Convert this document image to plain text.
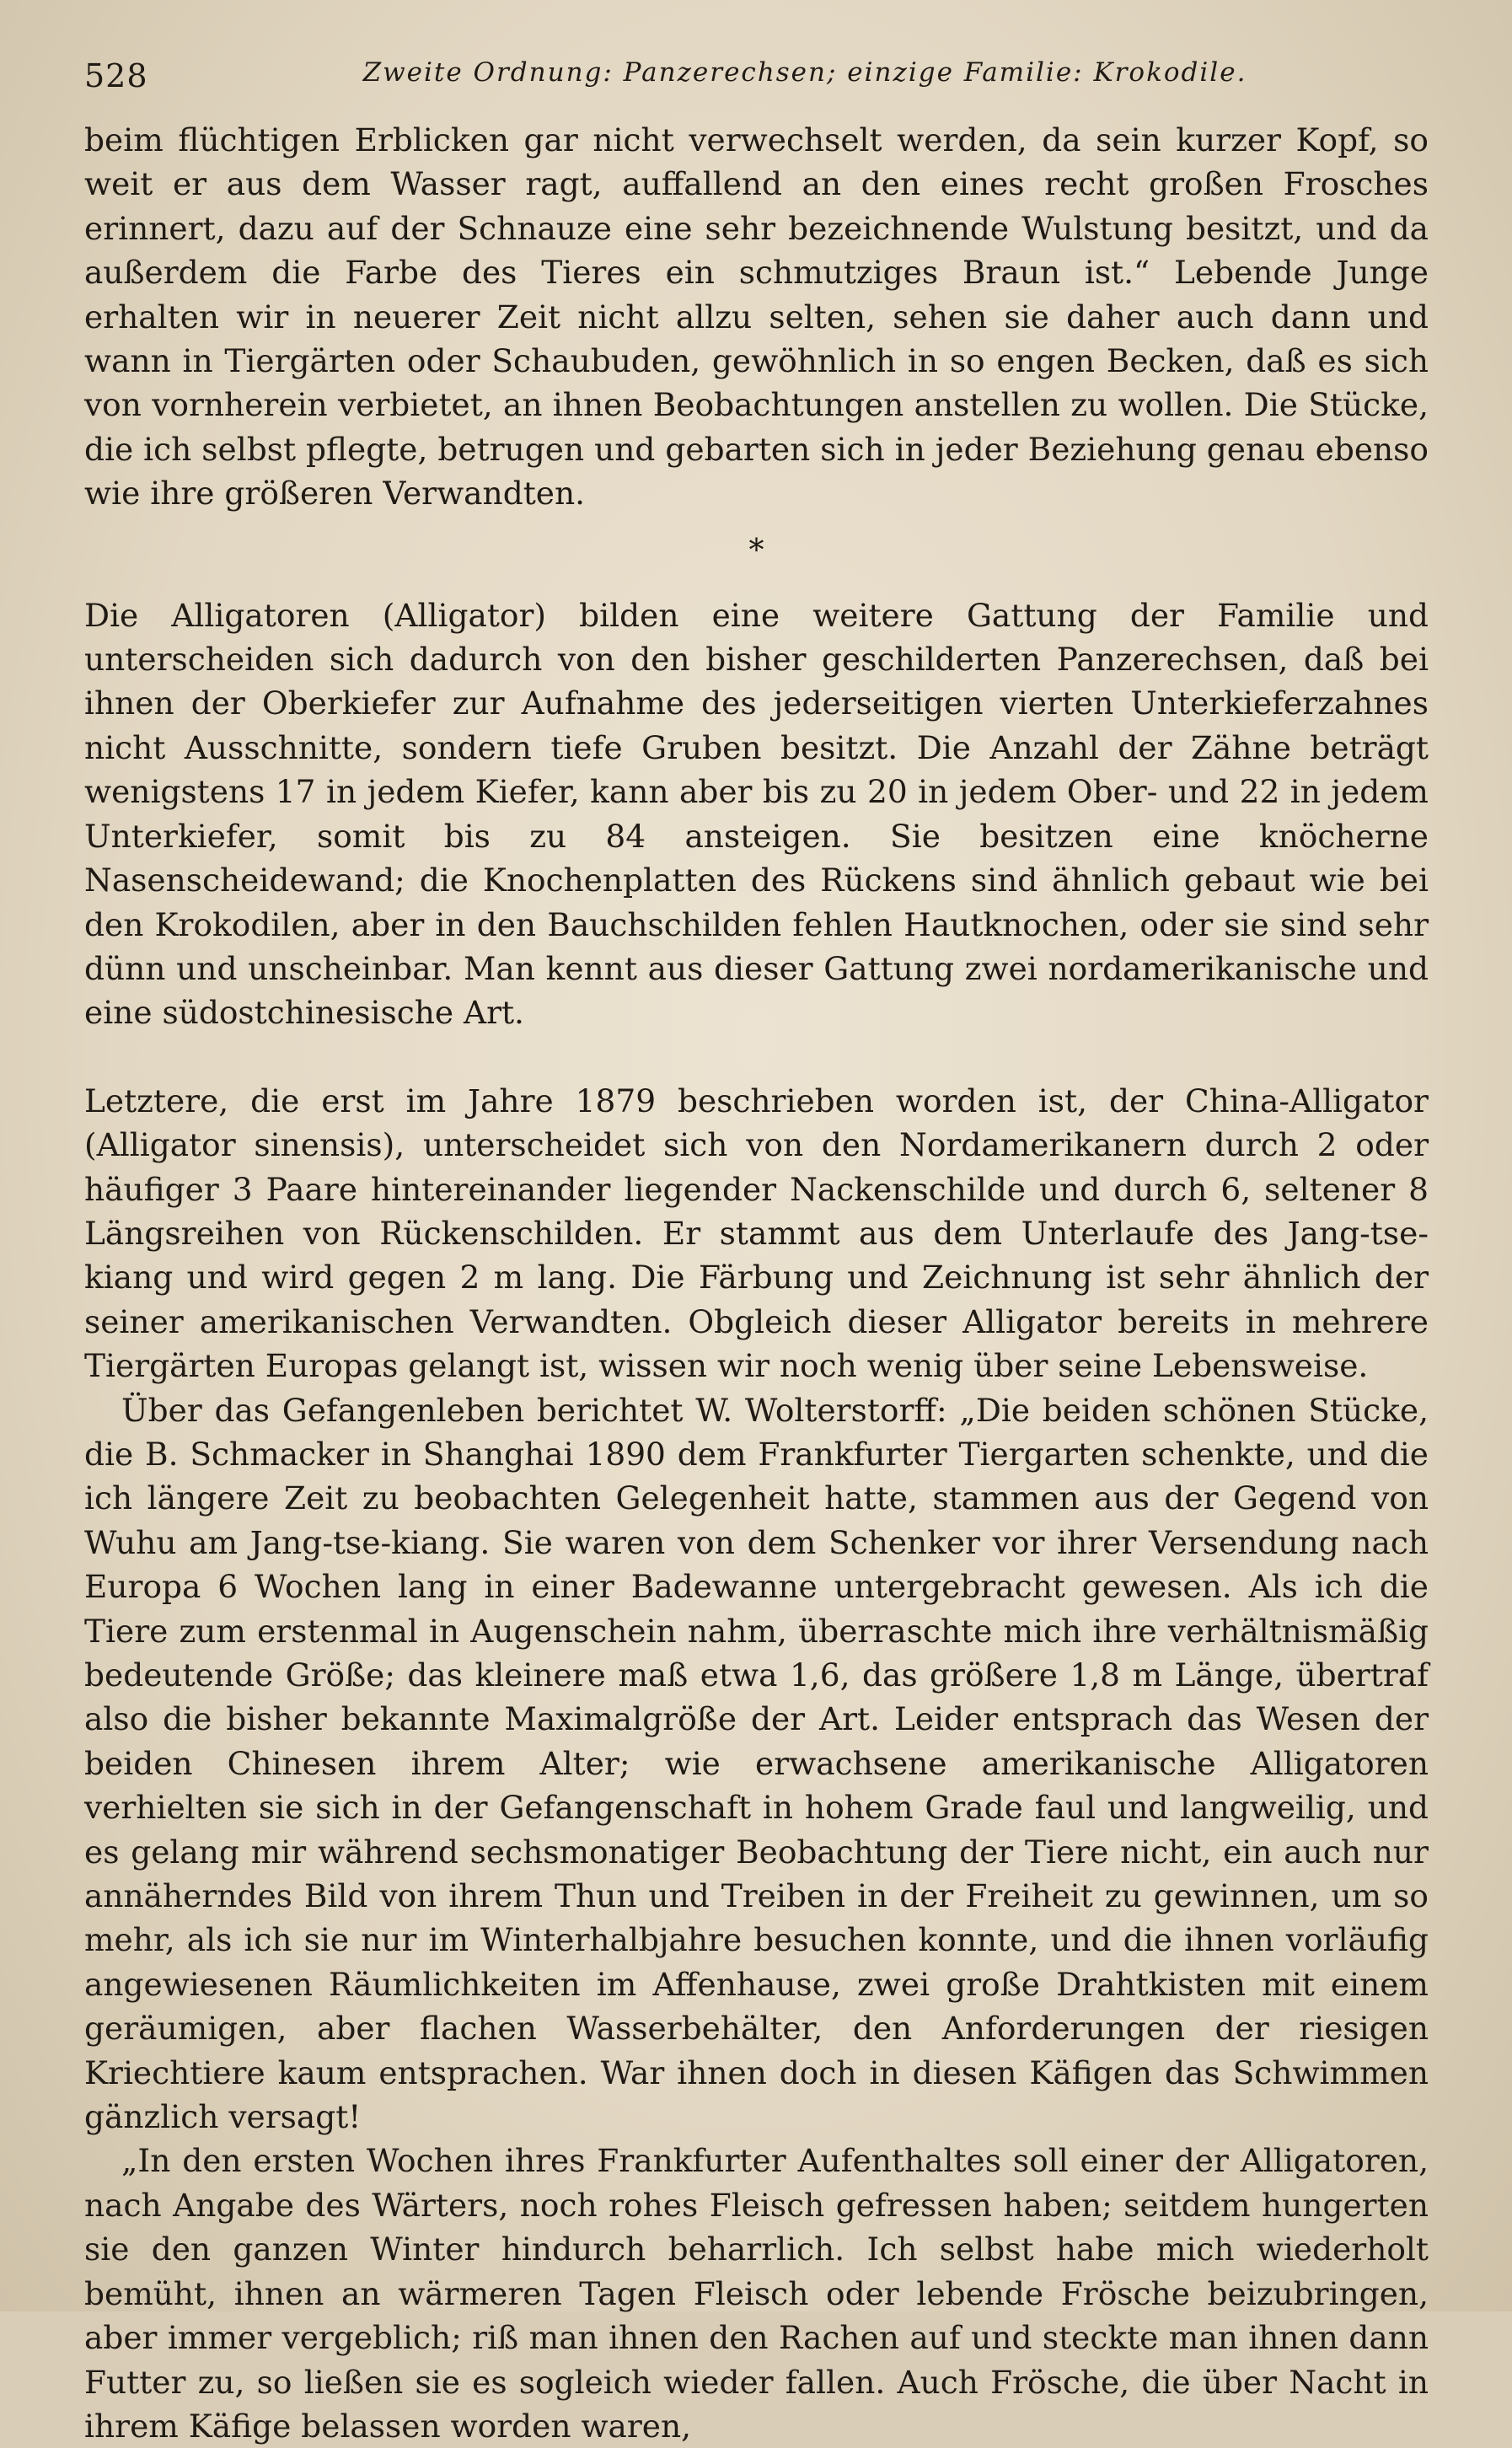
528	Zweite Ordnung: Panzerechsen; einzige Familie: Krokodile.

beim flüchtigen Erblicken gar nicht verwechselt werden, da sein kurzer Kopf, so weit er aus dem Wasser ragt, auffallend an den eines recht großen Frosches erinnert, dazu auf der Schnauze eine sehr bezeichnende Wulstung besitzt, und da außerdem die Farbe des Tieres ein schmutziges Braun ist.“ Lebende Junge erhalten wir in neuerer Zeit nicht allzu selten, sehen sie daher auch dann und wann in Tiergärten oder Schaubuden, gewöhnlich in so engen Becken, daß es sich von vornherein verbietet, an ihnen Beobachtungen anstellen zu wollen. Die Stücke, die ich selbst pflegte, betrugen und gebarten sich in jeder Beziehung genau ebenso wie ihre größeren Verwandten.

*

Die Alligatoren (Alligator) bilden eine weitere Gattung der Familie und unterscheiden sich dadurch von den bisher geschilderten Panzerechsen, daß bei ihnen der Oberkiefer zur Aufnahme des jederseitigen vierten Unterkieferzahnes nicht Ausschnitte, sondern tiefe Gruben besitzt. Die Anzahl der Zähne beträgt wenigstens 17 in jedem Kiefer, kann aber bis zu 20 in jedem Ober- und 22 in jedem Unterkiefer, somit bis zu 84 ansteigen. Sie besitzen eine knöcherne Nasenscheidewand; die Knochenplatten des Rückens sind ähnlich gebaut wie bei den Krokodilen, aber in den Bauchschilden fehlen Hautknochen, oder sie sind sehr dünn und unscheinbar. Man kennt aus dieser Gattung zwei nordamerikanische und eine südostchinesische Art.

Letztere, die erst im Jahre 1879 beschrieben worden ist, der China-Alligator (Alligator sinensis), unterscheidet sich von den Nordamerikanern durch 2 oder häufiger 3 Paare hintereinander liegender Nackenschilde und durch 6, seltener 8 Längsreihen von Rückenschilden. Er stammt aus dem Unterlaufe des Jang-tse-kiang und wird gegen 2 m lang. Die Färbung und Zeichnung ist sehr ähnlich der seiner amerikanischen Verwandten. Obgleich dieser Alligator bereits in mehrere Tiergärten Europas gelangt ist, wissen wir noch wenig über seine Lebensweise.

Über das Gefangenleben berichtet W. Wolterstorff: „Die beiden schönen Stücke, die B. Schmacker in Shanghai 1890 dem Frankfurter Tiergarten schenkte, und die ich längere Zeit zu beobachten Gelegenheit hatte, stammen aus der Gegend von Wuhu am Jang-tse-kiang. Sie waren von dem Schenker vor ihrer Versendung nach Europa 6 Wochen lang in einer Badewanne untergebracht gewesen. Als ich die Tiere zum erstenmal in Augenschein nahm, überraschte mich ihre verhältnismäßig bedeutende Größe; das kleinere maß etwa 1,6, das größere 1,8 m Länge, übertraf also die bisher bekannte Maximalgröße der Art. Leider entsprach das Wesen der beiden Chinesen ihrem Alter; wie erwachsene amerikanische Alligatoren verhielten sie sich in der Gefangenschaft in hohem Grade faul und langweilig, und es gelang mir während sechsmonatiger Beobachtung der Tiere nicht, ein auch nur annäherndes Bild von ihrem Thun und Treiben in der Freiheit zu gewinnen, um so mehr, als ich sie nur im Winterhalbjahre besuchen konnte, und die ihnen vorläufig angewiesenen Räumlichkeiten im Affenhause, zwei große Drahtkisten mit einem geräumigen, aber flachen Wasserbehälter, den Anforderungen der riesigen Kriechtiere kaum entsprachen. War ihnen doch in diesen Käfigen das Schwimmen gänzlich versagt!

„In den ersten Wochen ihres Frankfurter Aufenthaltes soll einer der Alligatoren, nach Angabe des Wärters, noch rohes Fleisch gefressen haben; seitdem hungerten sie den ganzen Winter hindurch beharrlich. Ich selbst habe mich wiederholt bemüht, ihnen an wärmeren Tagen Fleisch oder lebende Frösche beizubringen, aber immer vergeblich; riß man ihnen den Rachen auf und steckte man ihnen dann Futter zu, so ließen sie es sogleich wieder fallen. Auch Frösche, die über Nacht in ihrem Käfige belassen worden waren,
